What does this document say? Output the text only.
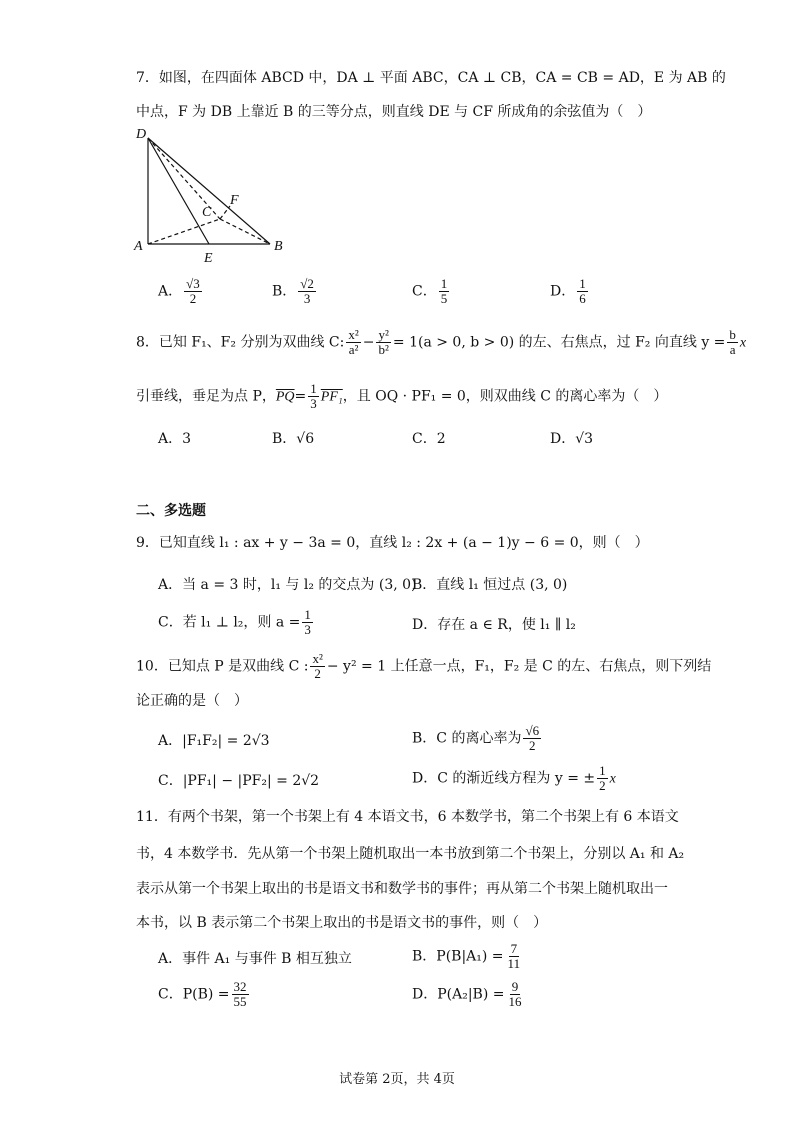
7．如图，在四面体 ABCD 中，DA ⊥ 平面 ABC，CA ⊥ CB，CA = CB = AD，E 为 AB 的
中点，F 为 DB 上靠近 B 的三等分点，则直线 DE 与 CF 所成角的余弦值为（　）
D
A	B
C
E
F
A． $\frac{√3}{2}$	B． $\frac{√2}{3}$	C． $\frac{1}{5}$	D． $\frac{1}{6}$
8．已知 F₁、F₂ 分别为双曲线 C: $\frac{\text{x²}}{\text{a²}} - \frac{\text{y²}}{\text{b²}} = 1(a > 0$, b > 0) 的左、右焦点，过 F₂ 向直线 $y = \frac{b}{a}$ x
引垂线，垂足为点 P，$\overline{PQ}= \frac{1}{3} PF_1$，且 OQ · PF₁ = 0，则双曲线 C 的离心率为（　）
A．3	B．√6	C．2	D．√3
二、多选题
9．已知直线 l₁ : ax + y − 3a = 0，直线 l₂ : 2x + (a − 1)y − 6 = 0，则（　）
A．当 a = 3 时，l₁ 与 l₂ 的交点为 (3, 0)
B．直线 l₁ 恒过点 (3, 0)
C．若 l₁ ⊥ l₂，则 $a = \frac{1}{3}$	D．存在 a ∈ R，使 l₁ ∥ l₂
10．已知点 P 是双曲线 C : $\frac{\text{x²}}{2} - y^2 = 1$ 上任意一点，F₁，F₂ 是 C 的左、右焦点，则下列结
论正确的是（　）
A．|F₁F₂| = 2√3	B．C 的离心率为 $\frac{√6}{2}$
C．|PF₁| − |PF₂| = 2√2	D．C 的渐近线方程为 y = ± $\frac{1}{2}$ x
11．有两个书架，第一个书架上有 4 本语文书，6 本数学书，第二个书架上有 6 本语文
书，4 本数学书．先从第一个书架上随机取出一本书放到第二个书架上，分别以 A₁ 和 A₂
表示从第一个书架上取出的书是语文书和数学书的事件；再从第二个书架上随机取出一
本书，以 B 表示第二个书架上取出的书是语文书的事件，则（　）
A．事件 A₁ 与事件 B 相互独立	B．$P(B|A_1) = \frac{7}{11}$
C．$P(B) = \frac{32}{55}$	D．$P(A_2|B) = \frac{9}{16}$
试卷第 2页，共 4页
